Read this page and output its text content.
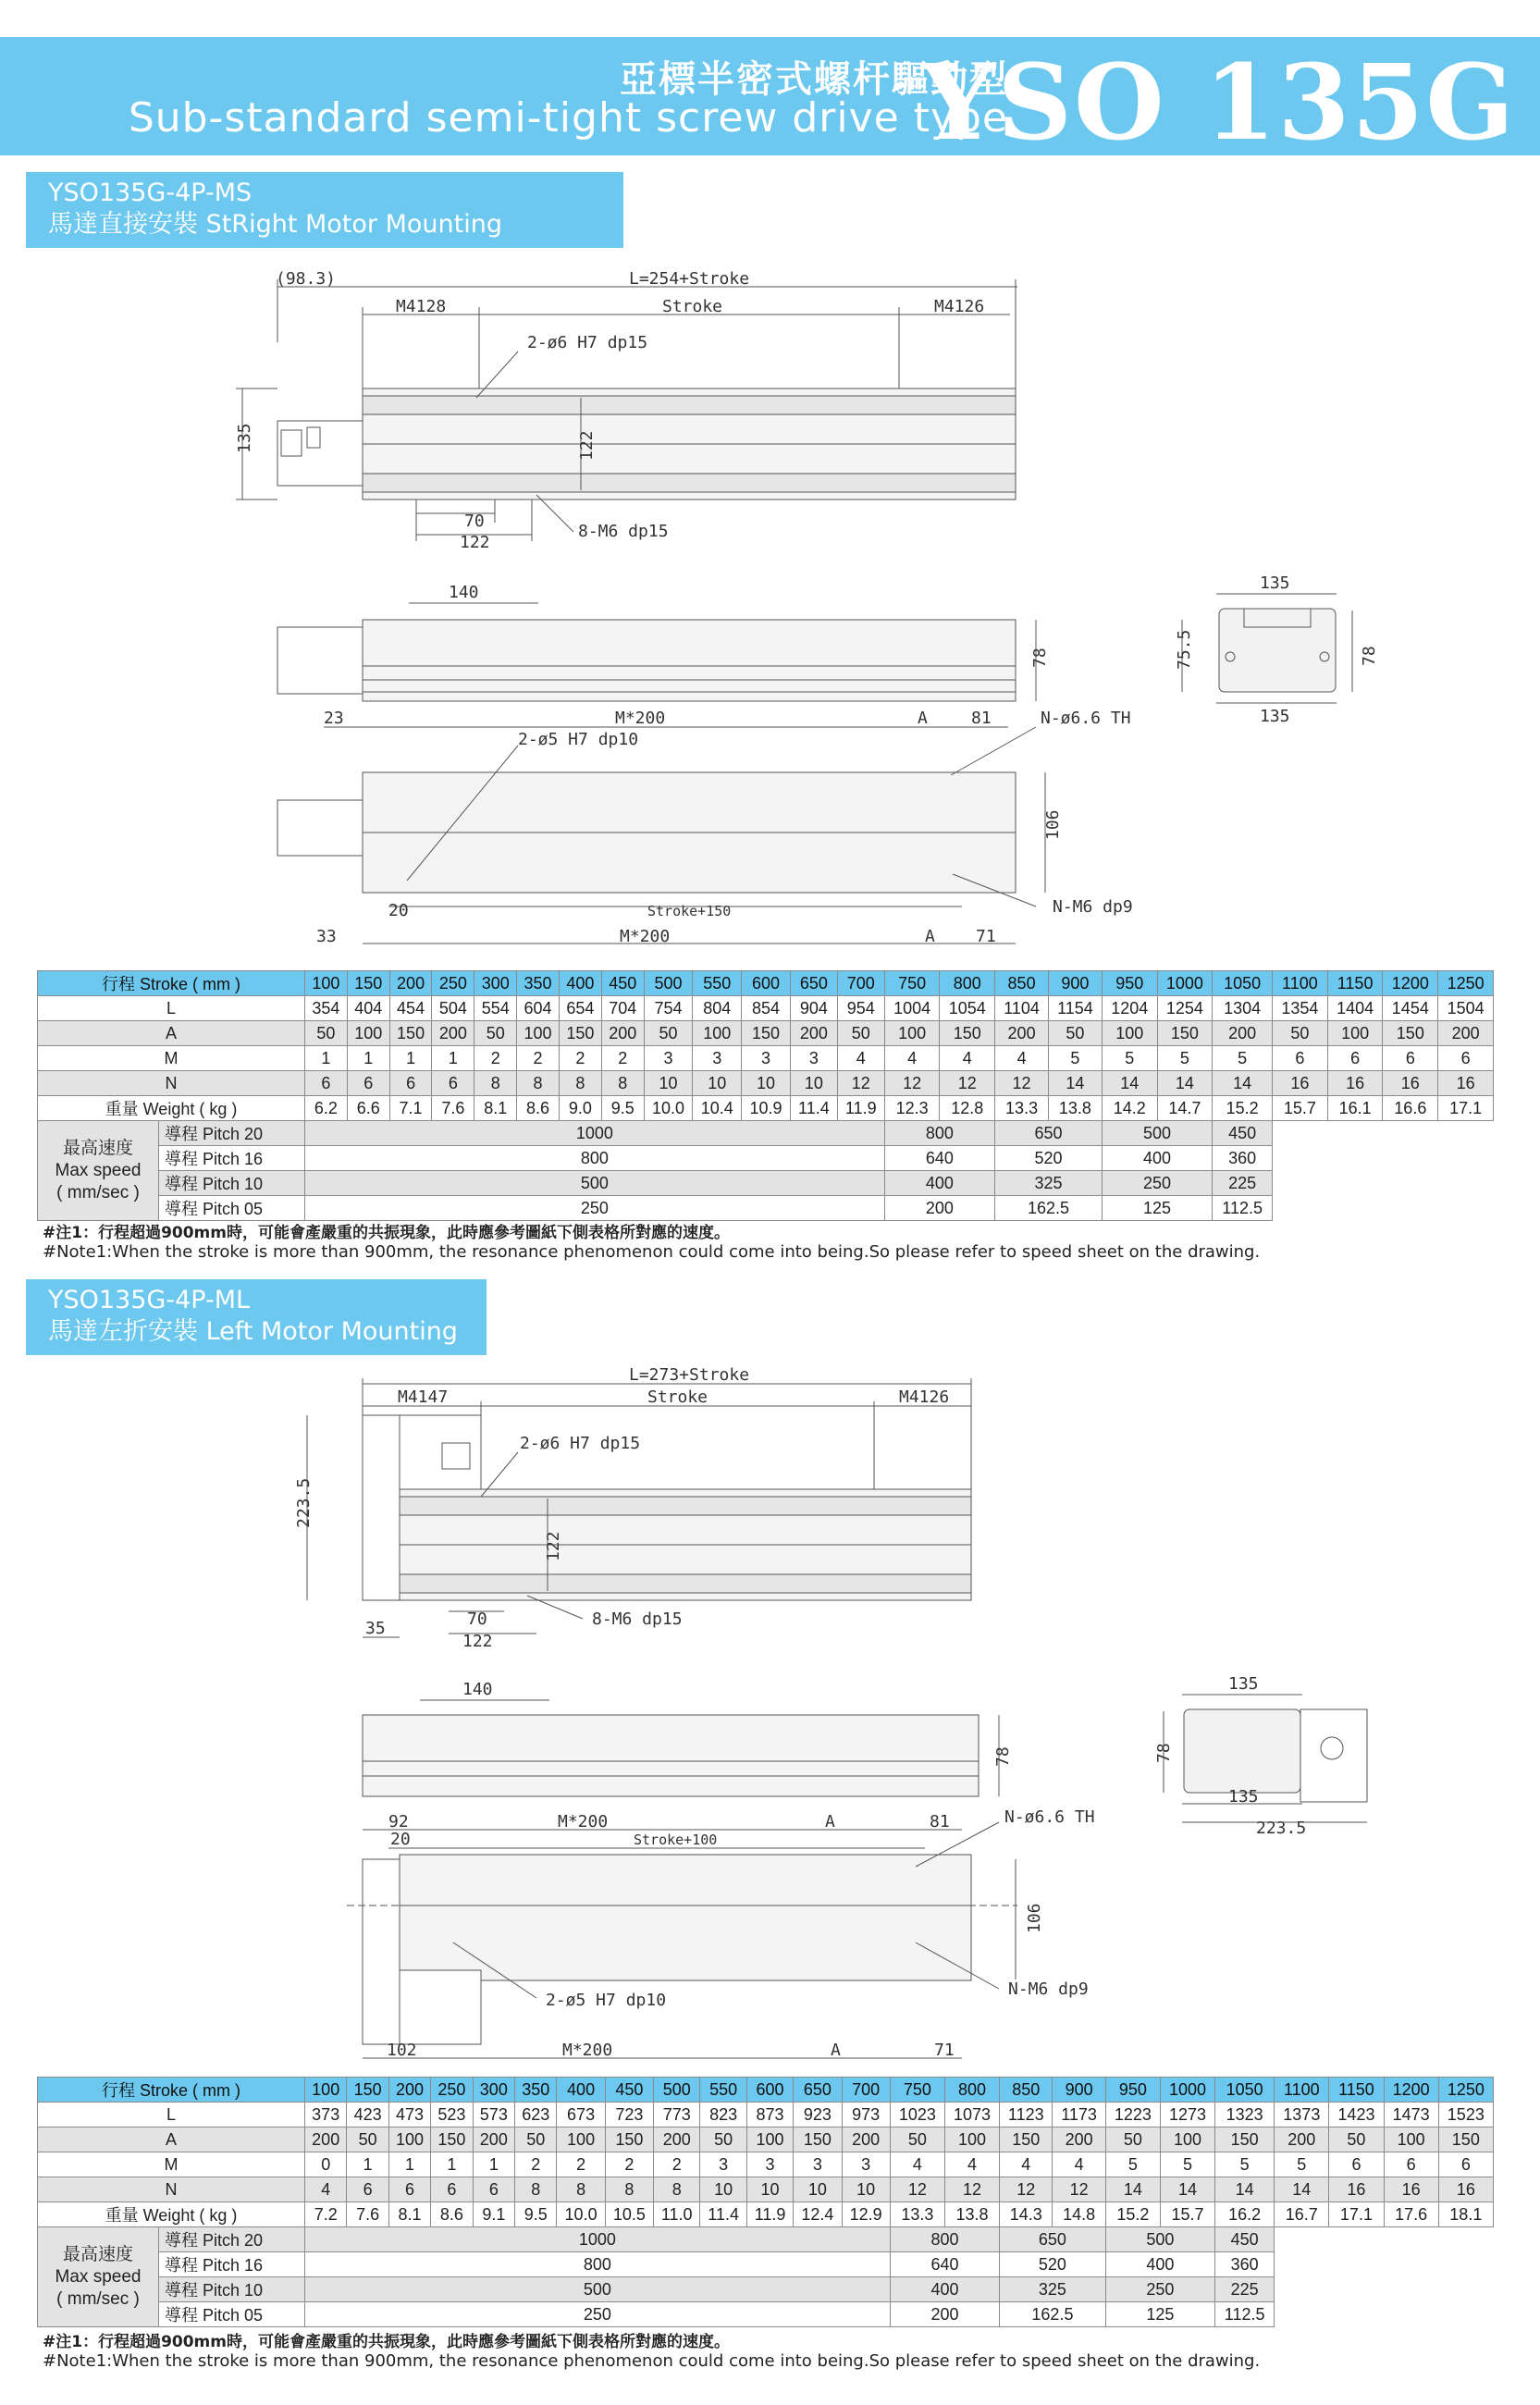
亞標半密式螺杆驅動型
Sub-standard semi-tight screw drive type
YSO 135G
YSO135G-4P-MS
馬達直接安裝 StRight Motor Mounting
(98.3)	L=254+Stroke
M4128	Stroke	M4126
2-ø6 H7 dp15
135	122
70
122
8-M6 dp15
140
78
135
75.5	78
135
23	M*200	A	81	N-ø6.6 TH
2-ø5 H7 dp10
106
20	Stroke+150	N-M6 dp9
33	M*200	A 71
行程 Stroke ( mm )		100	150	200	250	300	350	400	450	500	550	600	650	700	750	800	850	900	950	1000	1050	1100	1150	1200	1250
L		354	404	454	504	554	604	654	704	754	804	854	904	954	1004	1054	1104	1154	1204	1254	1304	1354	1404	1454	1504
A		50	100	150	200	50	100	150	200	50	100	150	200	50	100	150	200	50	100	150	200	50	100	150	200
M		1	1	1	1	2	2	2	2	3	3	3	3	4	4	4	4	5	5	5	5	6	6	6	6
N		6	6	6	6	8	8	8	8	10	10	10	10	12	12	12	12	14	14	14	14	16	16	16	16
重量 Weight ( kg )		6.2	6.6	7.1	7.6	8.1	8.6	9.0	9.5	10.0	10.4	10.9	11.4	11.9	12.3	12.8	13.3	13.8	14.2	14.7	15.2	15.7	16.1	16.6	17.1

最高速度
Max speed
( mm/sec )	導程 Pitch 20	1000													800		650		500		450				
	導程 Pitch 16	800													640		520		400		360				
	導程 Pitch 10	500													400		325		250		225				
	導程 Pitch 05	250													200		162.5		125		112.5				
#注1：行程超過900mm時，可能會產嚴重的共振現象，此時應參考圖紙下側表格所對應的速度。
#Note1:When the stroke is more than 900mm, the resonance phenomenon could come into being.So please refer to speed sheet on the drawing.
YSO135G-4P-ML
馬達左折安裝 Left Motor Mounting
L=273+Stroke
M4147	Stroke	M4126
2-ø6 H7 dp15
223.5
122
70
122
8-M6 dp15
35
140
78
135
78
135
223.5
92	M*200	A	81
20	Stroke+100
N-ø6.6 TH
106
N-M6 dp9
2-ø5 H7 dp10
102	M*200	A	71
行程 Stroke ( mm )		100	150	200	250	300	350	400	450	500	550	600	650	700	750	800	850	900	950	1000	1050	1100	1150	1200	1250
L		373	423	473	523	573	623	673	723	773	823	873	923	973	1023	1073	1123	1173	1223	1273	1323	1373	1423	1473	1523
A		200	50	100	150	200	50	100	150	200	50	100	150	200	50	100	150	200	50	100	150	200	50	100	150
M		0	1	1	1	1	2	2	2	2	3	3	3	3	4	4	4	4	5	5	5	5	6	6	6
N		4	6	6	6	6	8	8	8	8	10	10	10	10	12	12	12	12	14	14	14	14	16	16	16
重量 Weight ( kg )		7.2	7.6	8.1	8.6	9.1	9.5	10.0	10.5	11.0	11.4	11.9	12.4	12.9	13.3	13.8	14.3	14.8	15.2	15.7	16.2	16.7	17.1	17.6	18.1

最高速度
Max speed
( mm/sec )	導程 Pitch 20	1000													800		650		500		450				
	導程 Pitch 16	800													640		520		400		360				
	導程 Pitch 10	500													400		325		250		225				
	導程 Pitch 05	250													200		162.5		125		112.5				
#注1：行程超過900mm時，可能會產嚴重的共振現象，此時應參考圖紙下側表格所對應的速度。
#Note1:When the stroke is more than 900mm, the resonance phenomenon could come into being.So please refer to speed sheet on the drawing.
